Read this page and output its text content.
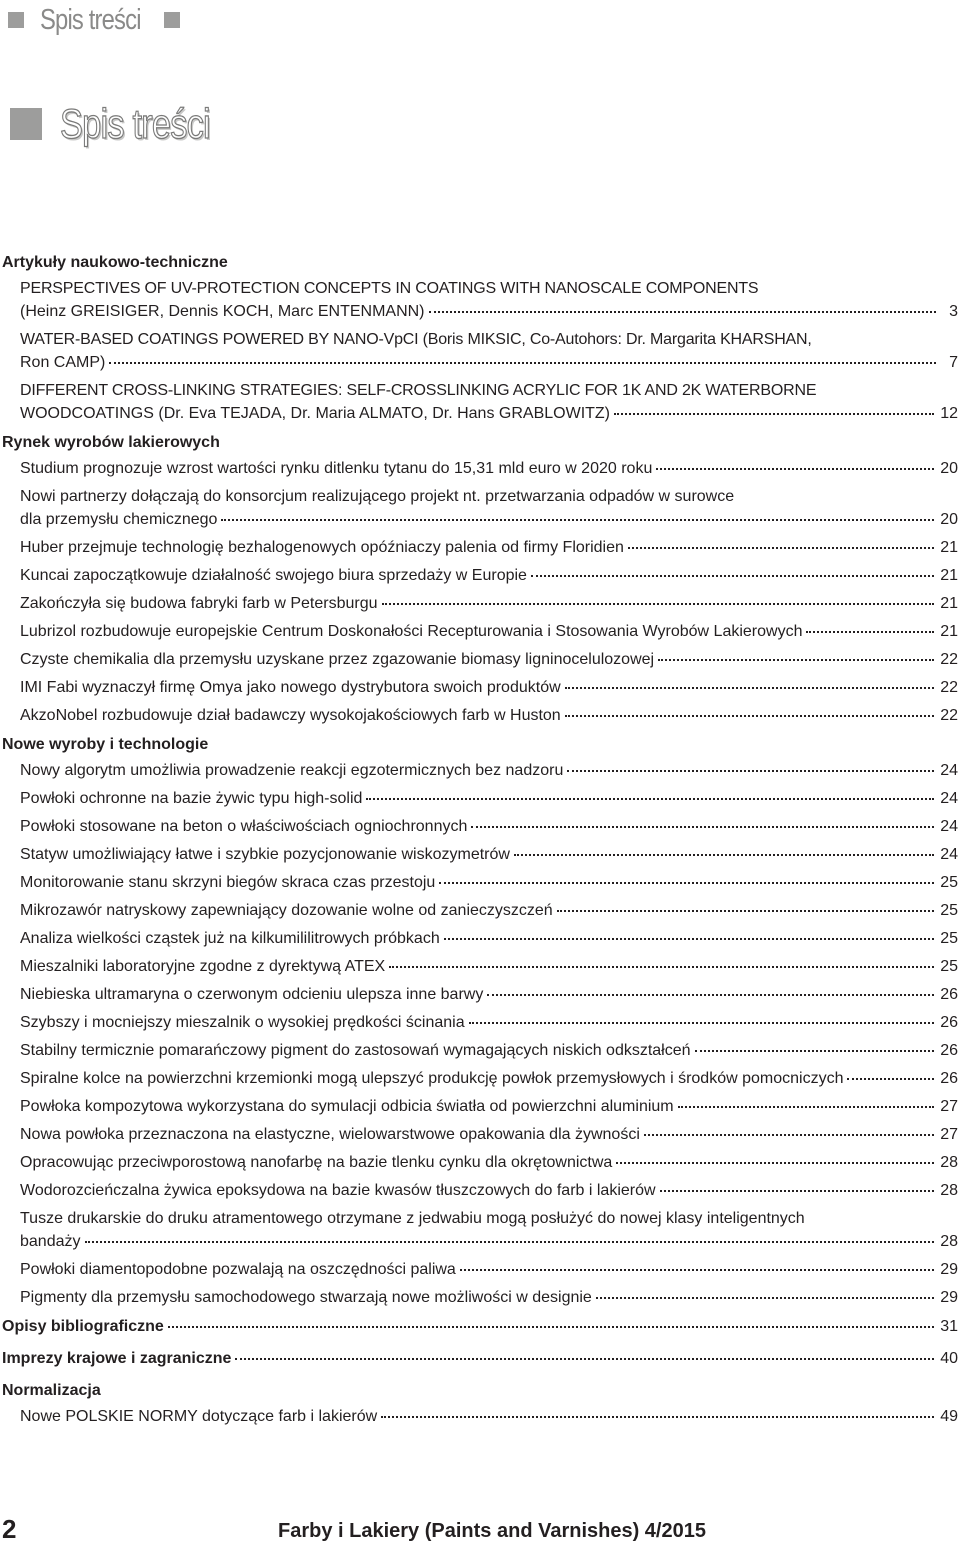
Spis treści
Spis treści
Artykuły naukowo-techniczne
PERSPECTIVES OF UV-PROTECTION CONCEPTS IN COATINGS WITH NANOSCALE COMPONENTS
(Heinz GREISIGER, Dennis KOCH, Marc ENTENMANN)	3
WATER-BASED COATINGS POWERED BY NANO-VpCI (Boris MIKSIC, Co-Autohors: Dr. Margarita KHARSHAN,
Ron CAMP)	7
DIFFERENT CROSS-LINKING STRATEGIES: SELF-CROSSLINKING ACRYLIC FOR 1K AND 2K WATERBORNE
WOODCOATINGS (Dr. Eva TEJADA, Dr. Maria ALMATO, Dr. Hans GRABLOWITZ)	12
Rynek wyrobów lakierowych
Studium prognozuje wzrost wartości rynku ditlenku tytanu do 15,31 mld euro w 2020 roku	20
Nowi partnerzy dołączają do konsorcjum realizującego projekt nt. przetwarzania odpadów w surowce
dla przemysłu chemicznego	20
Huber przejmuje technologię bezhalogenowych opóźniaczy palenia od firmy Floridien	21
Kuncai zapoczątkowuje działalność swojego biura sprzedaży w Europie	21
Zakończyła się budowa fabryki farb w Petersburgu	21
Lubrizol rozbudowuje europejskie Centrum Doskonałości Recepturowania i Stosowania Wyrobów Lakierowych	21
Czyste chemikalia dla przemysłu uzyskane przez zgazowanie biomasy ligninocelulozowej	22
IMI Fabi wyznaczył firmę Omya jako nowego dystrybutora swoich produktów	22
AkzoNobel rozbudowuje dział badawczy wysokojakościowych farb w Huston	22
Nowe wyroby i technologie
Nowy algorytm umożliwia prowadzenie reakcji egzotermicznych bez nadzoru	24
Powłoki ochronne na bazie żywic typu high-solid	24
Powłoki stosowane na beton o właściwościach ogniochronnych	24
Statyw umożliwiający łatwe i szybkie pozycjonowanie wiskozymetrów	24
Monitorowanie stanu skrzyni biegów skraca czas przestoju	25
Mikrozawór natryskowy zapewniający dozowanie wolne od zanieczyszczeń	25
Analiza wielkości cząstek już na kilkumililitrowych próbkach	25
Mieszalniki laboratoryjne zgodne z dyrektywą ATEX	25
Niebieska ultramaryna o czerwonym odcieniu ulepsza inne barwy	26
Szybszy i mocniejszy mieszalnik o wysokiej prędkości ścinania	26
Stabilny termicznie pomarańczowy pigment do zastosowań wymagających niskich odkształceń	26
Spiralne kolce na powierzchni krzemionki mogą ulepszyć produkcję powłok przemysłowych i środków pomocniczych	26
Powłoka kompozytowa wykorzystana do symulacji odbicia światła od powierzchni aluminium	27
Nowa powłoka przeznaczona na elastyczne, wielowarstwowe opakowania dla żywności	27
Opracowując przeciwporostową nanofarbę na bazie tlenku cynku dla okrętownictwa	28
Wodorozcieńczalna żywica epoksydowa na bazie kwasów tłuszczowych do farb i lakierów	28
Tusze drukarskie do druku atramentowego otrzymane z jedwabiu mogą posłużyć do nowej klasy inteligentnych
bandaży	28
Powłoki diamentopodobne pozwalają na oszczędności paliwa	29
Pigmenty dla przemysłu samochodowego stwarzają nowe możliwości w designie	29
Opisy bibliograficzne	31
Imprezy krajowe i zagraniczne	40
Normalizacja
Nowe POLSKIE NORMY dotyczące farb i lakierów	49
2	Farby i Lakiery (Paints and Varnishes) 4/2015
